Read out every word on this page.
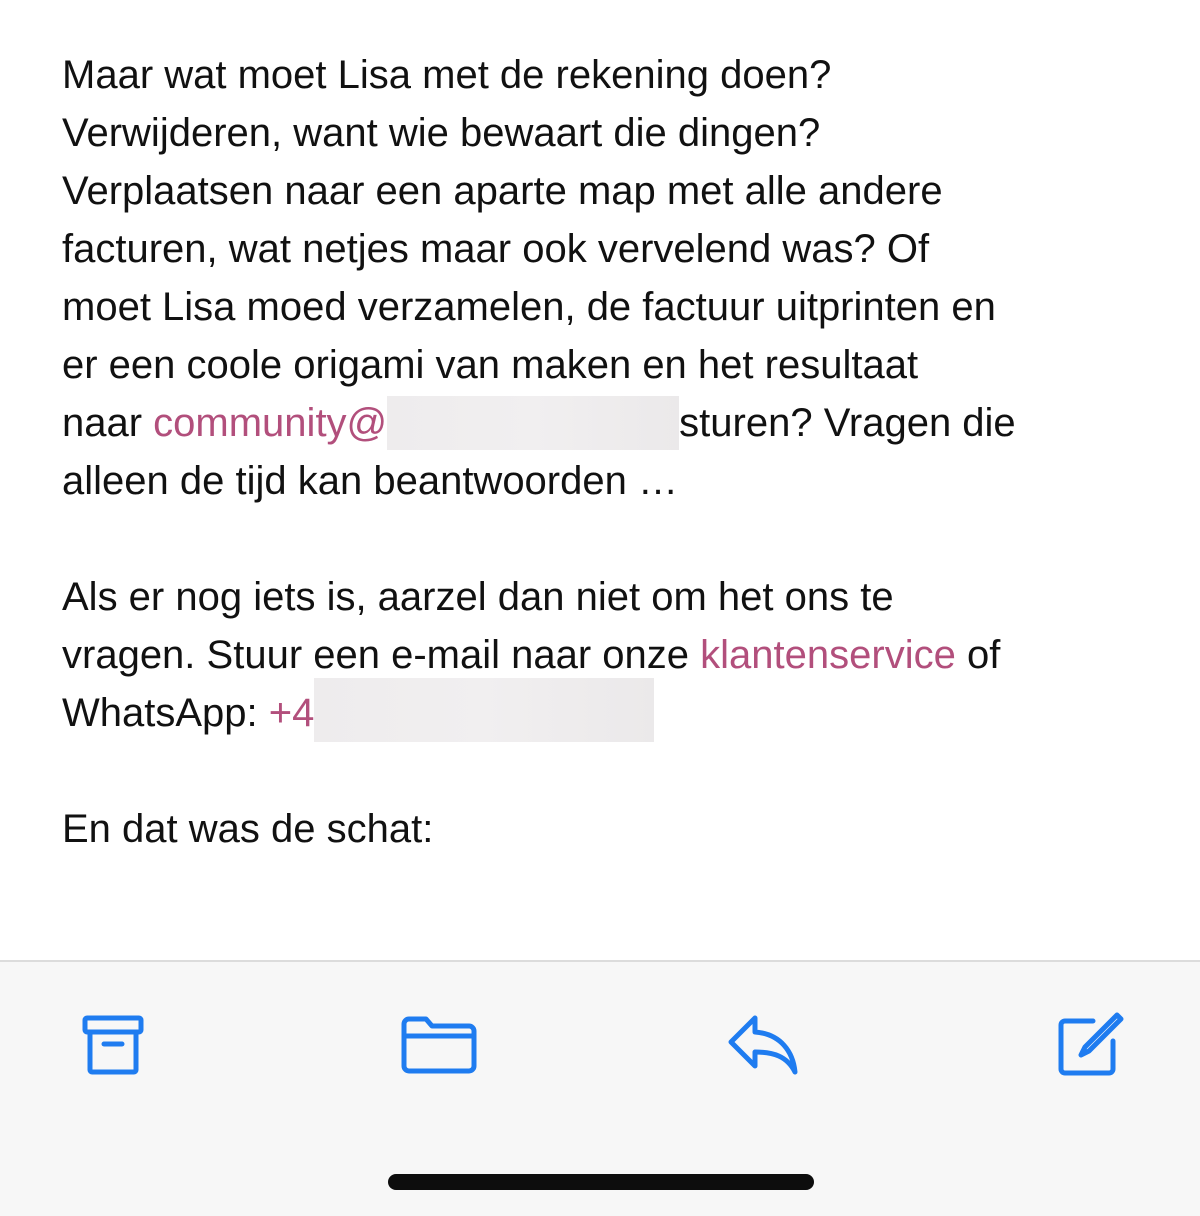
Maar wat moet Lisa met de rekening doen?
Verwijderen, want wie bewaart die dingen?
Verplaatsen naar een aparte map met alle andere
facturen, wat netjes maar ook vervelend was? Of
moet Lisa moed verzamelen, de factuur uitprinten en
er een coole origami van maken en het resultaat
naar community@	sturen? Vragen die
alleen de tijd kan beantwoorden …
Als er nog iets is, aarzel dan niet om het ons te
vragen. Stuur een e-mail naar onze klantenservice of
WhatsApp: +4
En dat was de schat:
